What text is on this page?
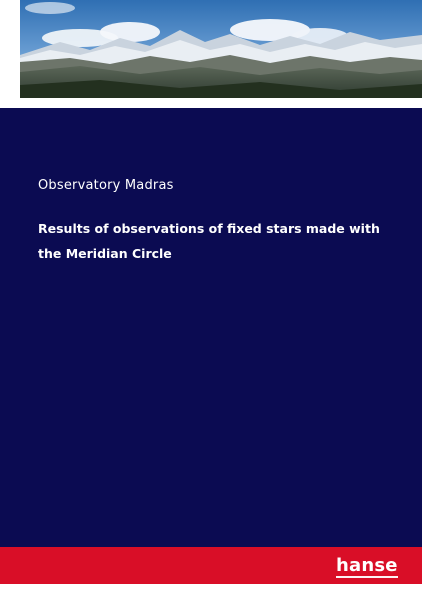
Observatory Madras
Results of observations of fixed stars made with the Meridian Circle
hanse
